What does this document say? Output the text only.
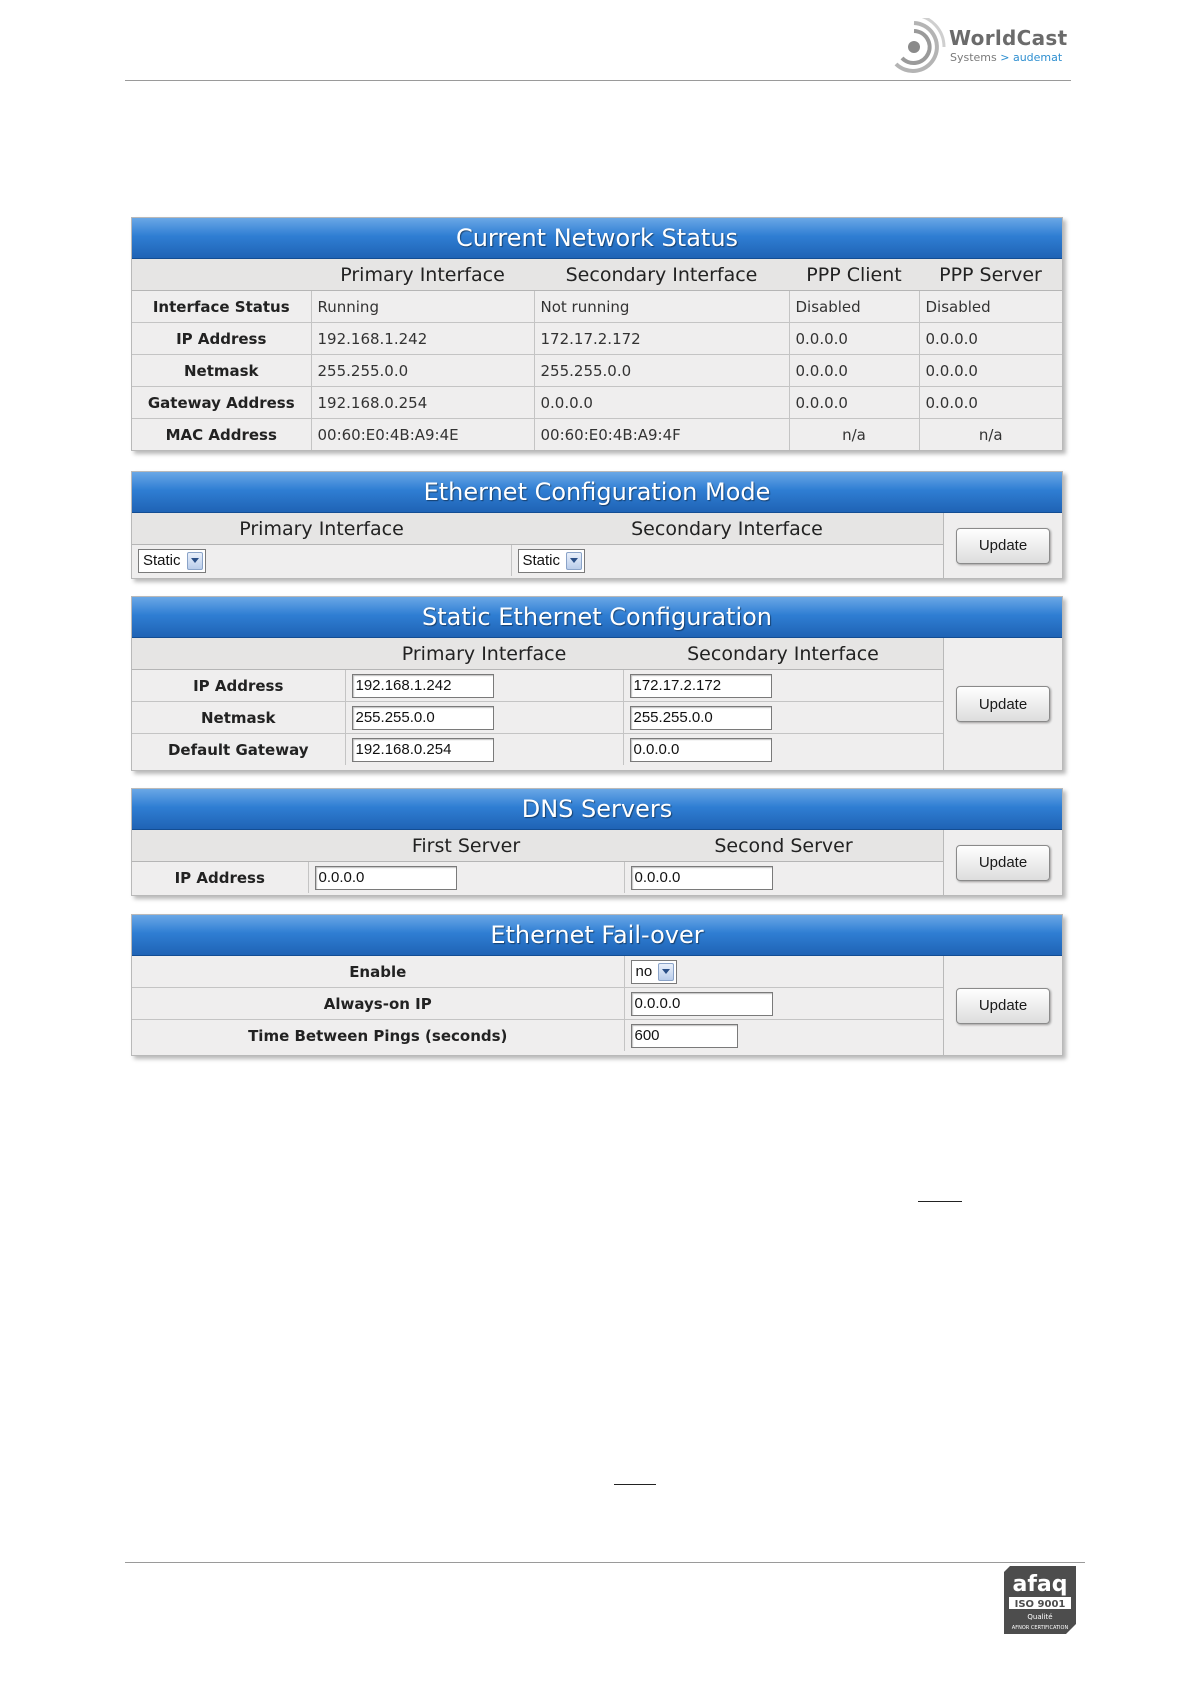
WorldCast
Systems > audemat
Current Network Status
	Primary Interface	Secondary Interface	PPP Client	PPP Server
Interface Status	Running	Not running	Disabled	Disabled
IP Address	192.168.1.242	172.17.2.172	0.0.0.0	0.0.0.0
Netmask	255.255.0.0	255.255.0.0	0.0.0.0	0.0.0.0
Gateway Address	192.168.0.254	0.0.0.0	0.0.0.0	0.0.0.0
MAC Address	00:60:E0:4B:A9:4E	00:60:E0:4B:A9:4F	n/a	n/a
Ethernet Configuration Mode
Primary Interface	Secondary Interface

Static	Static
Update
Static Ethernet Configuration
	Primary Interface	Secondary Interface
IP Address	192.168.1.242	172.17.2.172
Netmask	255.255.0.0	255.255.0.0
Default Gateway	192.168.0.254	0.0.0.0
Update
DNS Servers
	First Server	Second Server
IP Address	0.0.0.0	0.0.0.0
Update
Ethernet Fail-over
Enable	no

Always-on IP	0.0.0.0
Time Between Pings (seconds)	600
Update
afaq
ISO 9001
Qualité
AFNOR CERTIFICATION
